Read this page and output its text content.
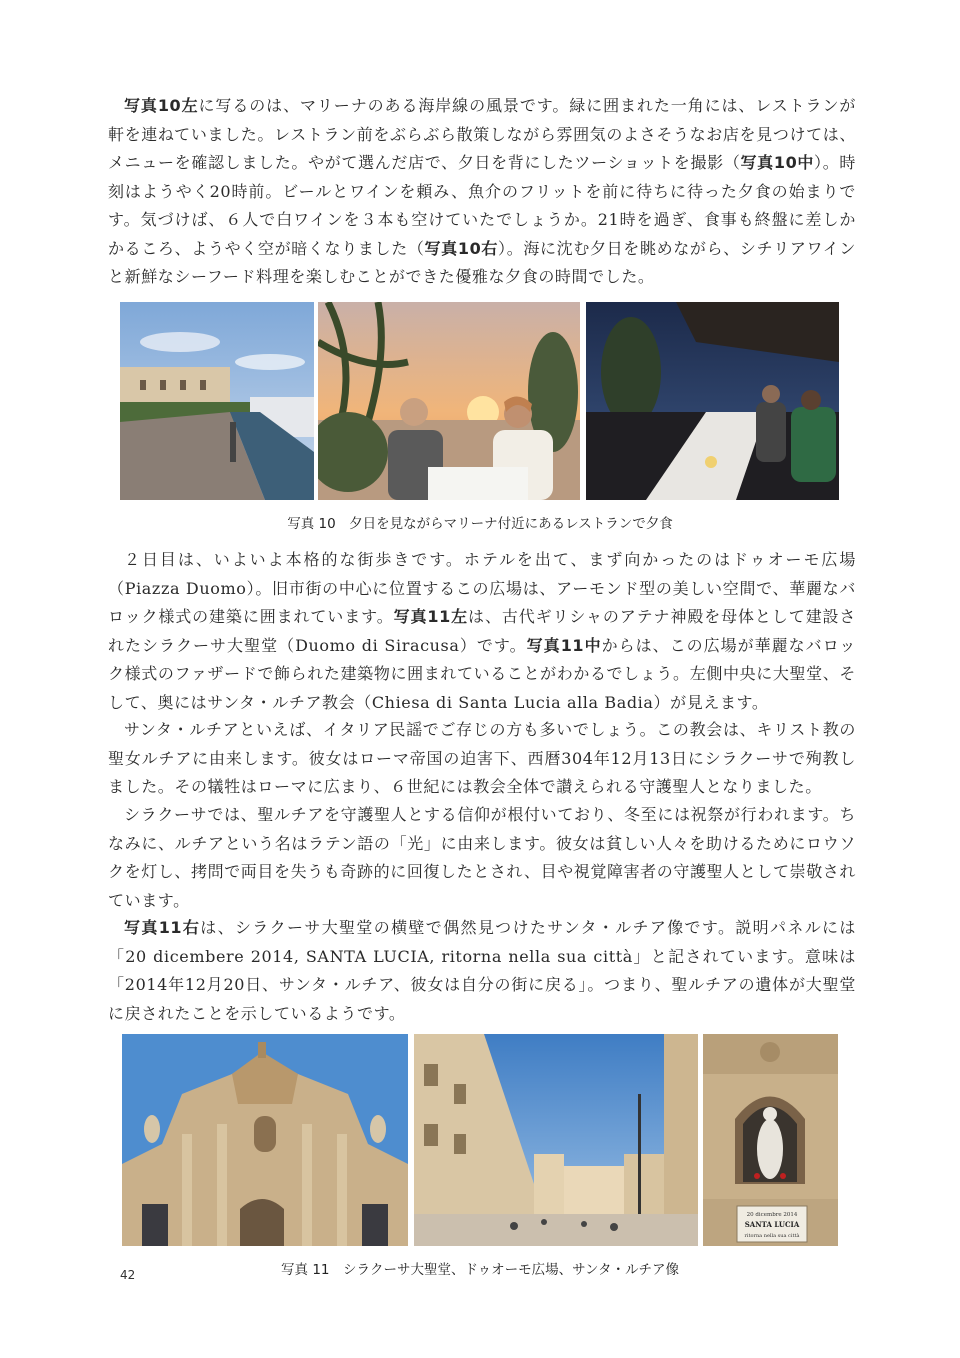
写真10左に写るのは、マリーナのある海岸線の風景です。緑に囲まれた一角には、レストランが軒を連ねていました。レストラン前をぶらぶら散策しながら雰囲気のよさそうなお店を見つけては、メニューを確認しました。やがて選んだ店で、夕日を背にしたツーショットを撮影（写真10中）。時刻はようやく20時前。ビールとワインを頼み、魚介のフリットを前に待ちに待った夕食の始まりです。気づけば、６人で白ワインを３本も空けていたでしょうか。21時を過ぎ、食事も終盤に差しかかるころ、ようやく空が暗くなりました（写真10右）。海に沈む夕日を眺めながら、シチリアワインと新鮮なシーフード料理を楽しむことができた優雅な夕食の時間でした。

写真 10　夕日を見ながらマリーナ付近にあるレストランで夕食

２日目は、いよいよ本格的な街歩きです。ホテルを出て、まず向かったのはドゥオーモ広場（Piazza Duomo）。旧市街の中心に位置するこの広場は、アーモンド型の美しい空間で、華麗なバロック様式の建築に囲まれています。写真11左は、古代ギリシャのアテナ神殿を母体として建設されたシラクーサ大聖堂（Duomo di Siracusa）です。写真11中からは、この広場が華麗なバロック様式のファザードで飾られた建築物に囲まれていることがわかるでしょう。左側中央に大聖堂、そして、奥にはサンタ・ルチア教会（Chiesa di Santa Lucia alla Badia）が見えます。

サンタ・ルチアといえば、イタリア民謡でご存じの方も多いでしょう。この教会は、キリスト教の聖女ルチアに由来します。彼女はローマ帝国の迫害下、西暦304年12月13日にシラクーサで殉教しました。その犠牲はローマに広まり、６世紀には教会全体で讃えられる守護聖人となりました。

シラクーサでは、聖ルチアを守護聖人とする信仰が根付いており、冬至には祝祭が行われます。ちなみに、ルチアという名はラテン語の「光」に由来します。彼女は貧しい人々を助けるためにロウソクを灯し、拷問で両目を失うも奇跡的に回復したとされ、目や視覚障害者の守護聖人として崇敬されています。

写真11右は、シラクーサ大聖堂の横壁で偶然見つけたサンタ・ルチア像です。説明パネルには「20 dicembere 2014, SANTA LUCIA, ritorna nella sua città」と記されています。意味は「2014年12月20日、サンタ・ルチア、彼女は自分の街に戻る」。つまり、聖ルチアの遺体が大聖堂に戻されたことを示しているようです。

20 dicembre 2014
SANTA LUCIA
ritorna nella sua città
写真 11　シラクーサ大聖堂、ドゥオーモ広場、サンタ・ルチア像
42
